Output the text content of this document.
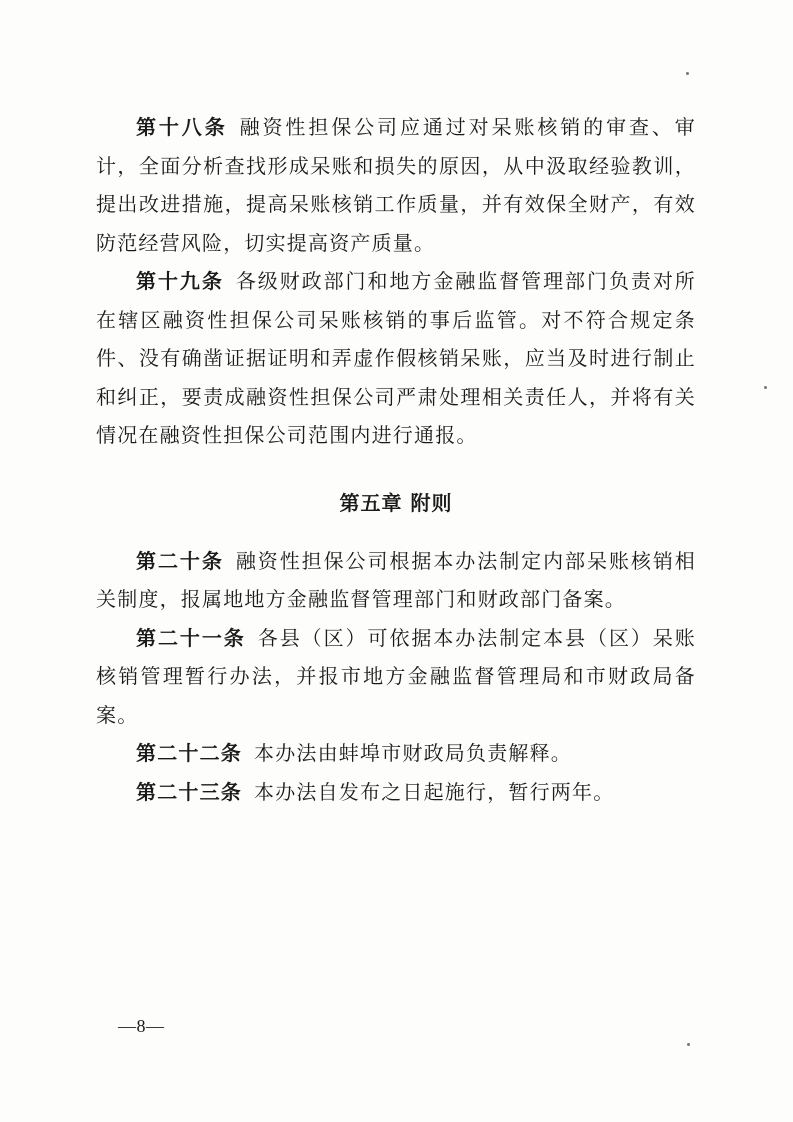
第十八条 融资性担保公司应通过对呆账核销的审查、审计，全面分析查找形成呆账和损失的原因，从中汲取经验教训，提出改进措施，提高呆账核销工作质量，并有效保全财产，有效防范经营风险，切实提高资产质量。

第十九条 各级财政部门和地方金融监督管理部门负责对所在辖区融资性担保公司呆账核销的事后监管。对不符合规定条件、没有确凿证据证明和弄虚作假核销呆账，应当及时进行制止和纠正，要责成融资性担保公司严肃处理相关责任人，并将有关情况在融资性担保公司范围内进行通报。

第五章 附则

第二十条 融资性担保公司根据本办法制定内部呆账核销相关制度，报属地地方金融监督管理部门和财政部门备案。

第二十一条 各县（区）可依据本办法制定本县（区）呆账核销管理暂行办法，并报市地方金融监督管理局和市财政局备案。

第二十二条 本办法由蚌埠市财政局负责解释。

第二十三条 本办法自发布之日起施行，暂行两年。

—8—
